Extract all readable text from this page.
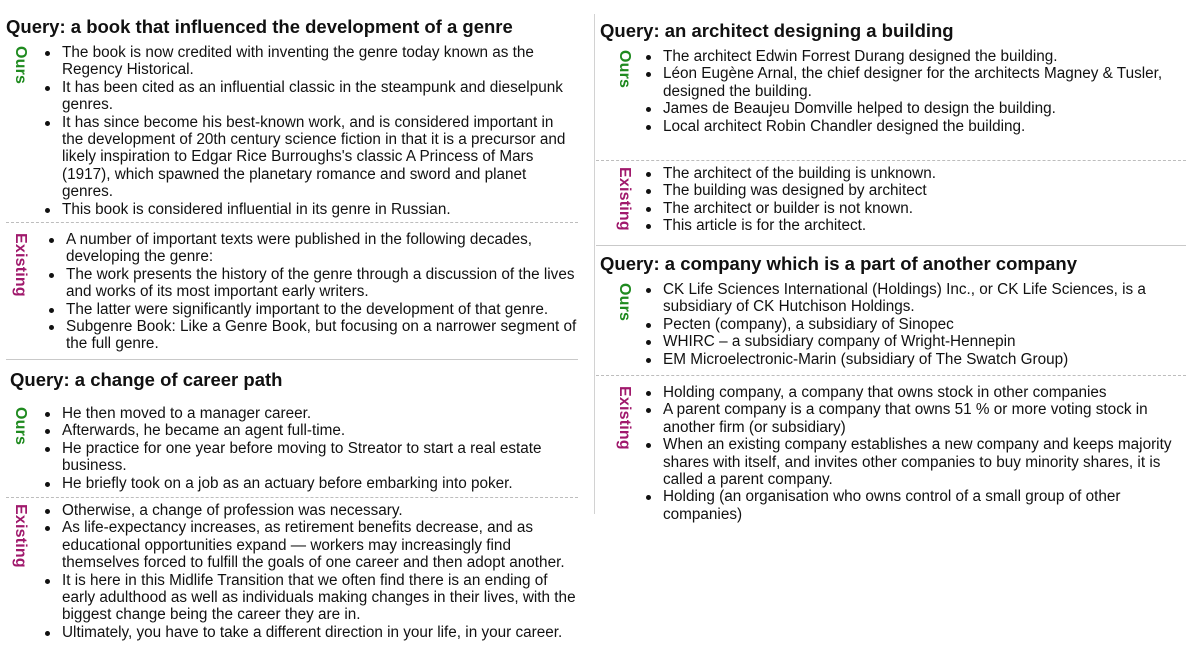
Query: a book that influenced the development of a genre
Ours The book is now credited with inventing the genre today known as the Regency Historical.
It has been cited as an influential classic in the steampunk and dieselpunk genres.
It has since become his best-known work, and is considered important in the development of 20th century science fiction in that it is a precursor and likely inspiration to Edgar Rice Burroughs's classic A Princess of Mars (1917), which spawned the planetary romance and sword and planet genres.
This book is considered influential in its genre in Russian.
Existing A number of important texts were published in the following decades, developing the genre:
The work presents the history of the genre through a discussion of the lives and works of its most important early writers.
The latter were significantly important to the development of that genre.
Subgenre Book: Like a Genre Book, but focusing on a narrower segment of the full genre.
Query: a change of career path
Ours He then moved to a manager career.
Afterwards, he became an agent full-time.
He practice for one year before moving to Streator to start a real estate business.
He briefly took on a job as an actuary before embarking into poker.
Existing Otherwise, a change of profession was necessary.
As life-expectancy increases, as retirement benefits decrease, and as educational opportunities expand — workers may increasingly find themselves forced to fulfill the goals of one career and then adopt another.
It is here in this Midlife Transition that we often find there is an ending of early adulthood as well as individuals making changes in their lives, with the biggest change being the career they are in.
Ultimately, you have to take a different direction in your life, in your career.
Query: an architect designing a building
Ours The architect Edwin Forrest Durang designed the building.
Léon Eugène Arnal, the chief designer for the architects Magney & Tusler, designed the building.
James de Beaujeu Domville helped to design the building.
Local architect Robin Chandler designed the building.
Existing The architect of the building is unknown.
The building was designed by architect
The architect or builder is not known.
This article is for the architect.
Query: a company which is a part of another company
Ours CK Life Sciences International (Holdings) Inc., or CK Life Sciences, is a subsidiary of CK Hutchison Holdings.
Pecten (company), a subsidiary of Sinopec
WHIRC – a subsidiary company of Wright-Hennepin
EM Microelectronic-Marin (subsidiary of The Swatch Group)
Existing Holding company, a company that owns stock in other companies
A parent company is a company that owns 51 % or more voting stock in another firm (or subsidiary)
When an existing company establishes a new company and keeps majority shares with itself, and invites other companies to buy minority shares, it is called a parent company.
Holding (an organisation who owns control of a small group of other companies)
